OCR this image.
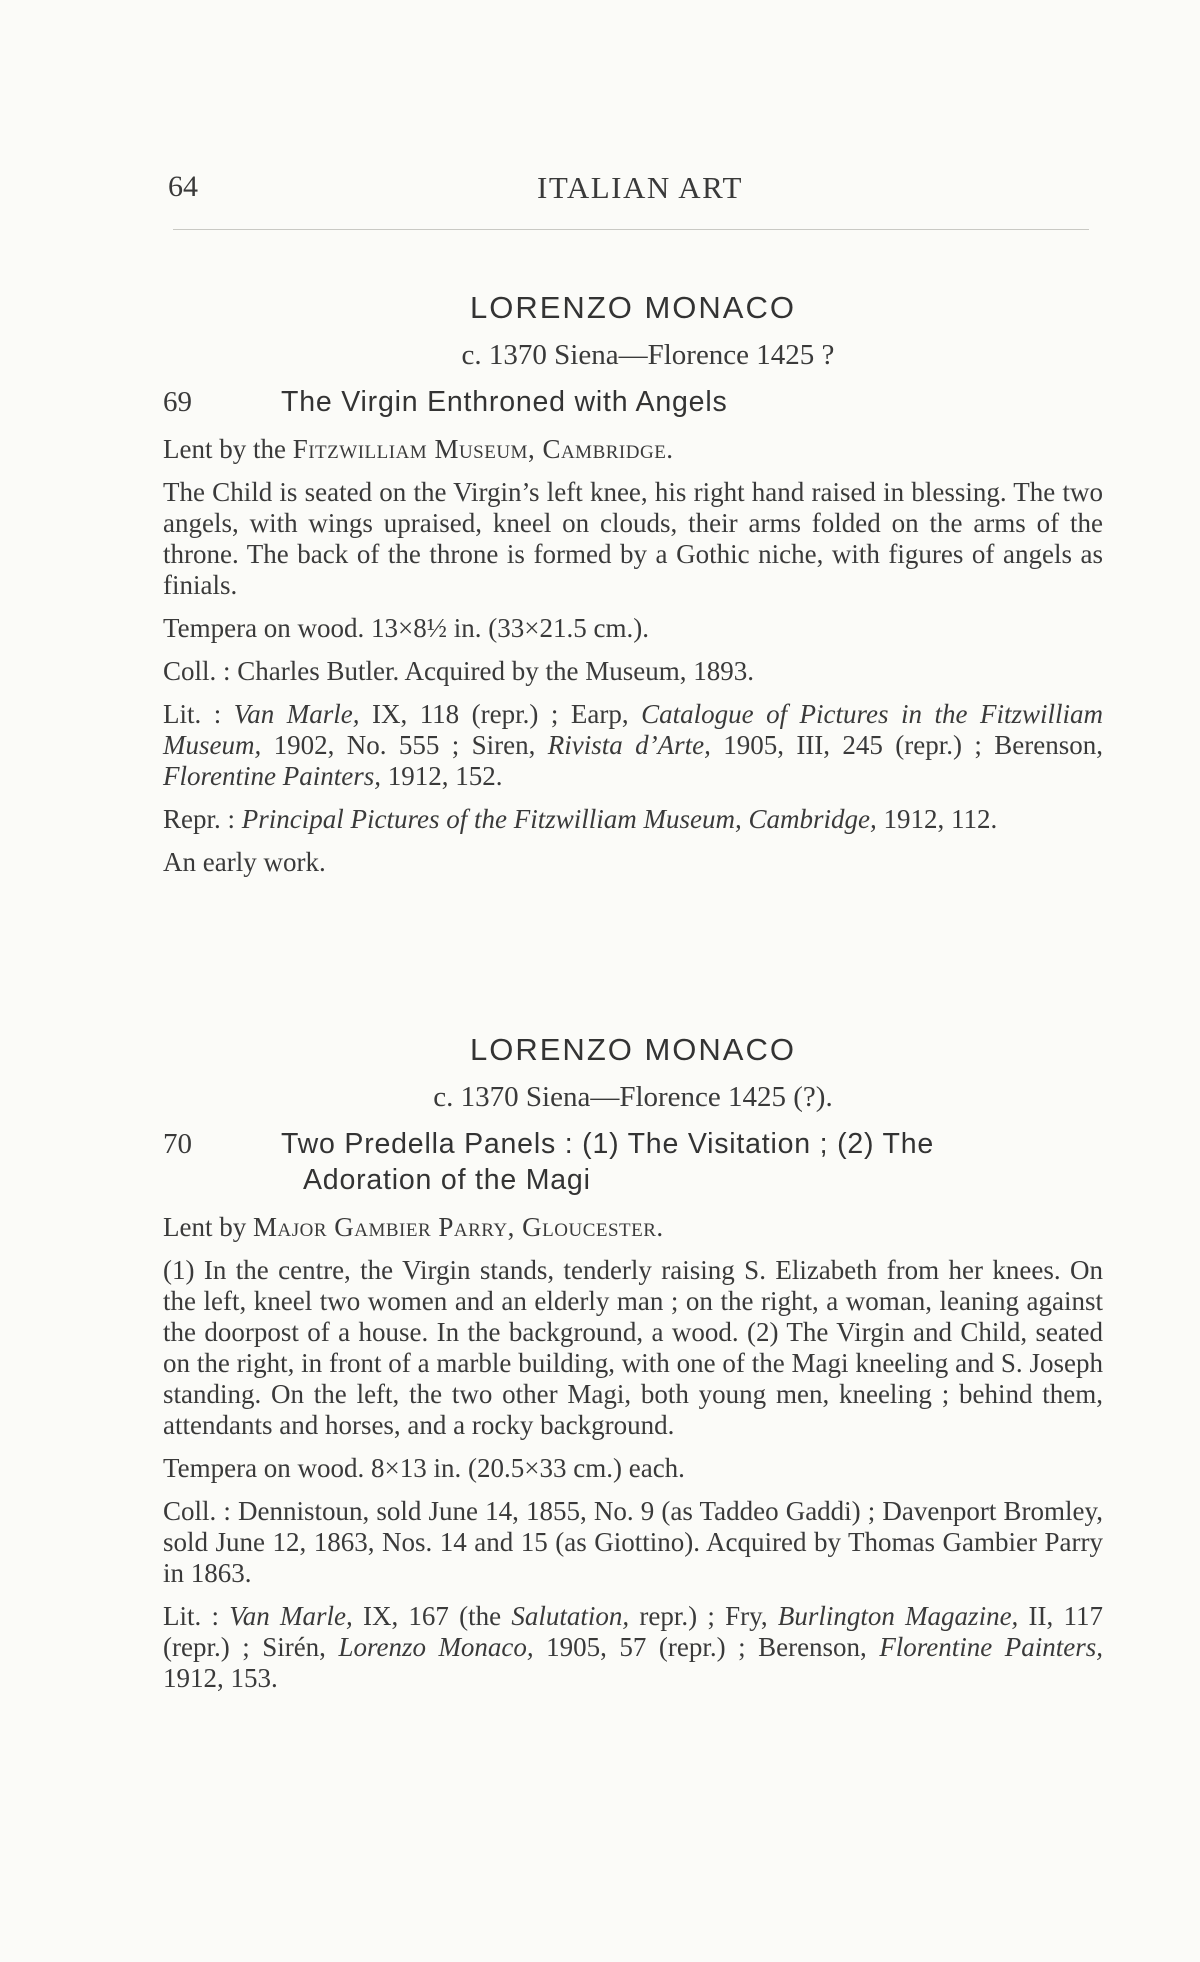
64	ITALIAN ART
LORENZO MONACO
c. 1370 Siena—Florence 1425 ?
69	The Virgin Enthroned with Angels

Lent by the Fitzwilliam Museum, Cambridge.

The Child is seated on the Virgin’s left knee, his right hand raised in blessing. The two angels, with wings upraised, kneel on clouds, their arms folded on the arms of the throne. The back of the throne is formed by a Gothic niche, with figures of angels as finials.

Tempera on wood. 13×8½ in. (33×21.5 cm.).

Coll. : Charles Butler. Acquired by the Museum, 1893.

Lit. : Van Marle, IX, 118 (repr.) ; Earp, Catalogue of Pictures in the Fitzwilliam Museum, 1902, No. 555 ; Siren, Rivista d’Arte, 1905, III, 245 (repr.) ; Berenson, Florentine Painters, 1912, 152.

Repr. : Principal Pictures of the Fitzwilliam Museum, Cambridge, 1912, 112.

An early work.

LORENZO MONACO
c. 1370 Siena—Florence 1425 (?).
70	Two Predella Panels : (1) The Visitation ; (2) The
Adoration of the Magi

Lent by Major Gambier Parry, Gloucester.

(1) In the centre, the Virgin stands, tenderly raising S. Elizabeth from her knees. On the left, kneel two women and an elderly man ; on the right, a woman, leaning against the doorpost of a house. In the background, a wood. (2) The Virgin and Child, seated on the right, in front of a marble building, with one of the Magi kneeling and S. Joseph standing. On the left, the two other Magi, both young men, kneeling ; behind them, attendants and horses, and a rocky background.

Tempera on wood. 8×13 in. (20.5×33 cm.) each.

Coll. : Dennistoun, sold June 14, 1855, No. 9 (as Taddeo Gaddi) ; Davenport Bromley, sold June 12, 1863, Nos. 14 and 15 (as Giottino). Acquired by Thomas Gambier Parry in 1863.

Lit. : Van Marle, IX, 167 (the Salutation, repr.) ; Fry, Burlington Magazine, II, 117 (repr.) ; Sirén, Lorenzo Monaco, 1905, 57 (repr.) ; Berenson, Florentine Painters, 1912, 153.
